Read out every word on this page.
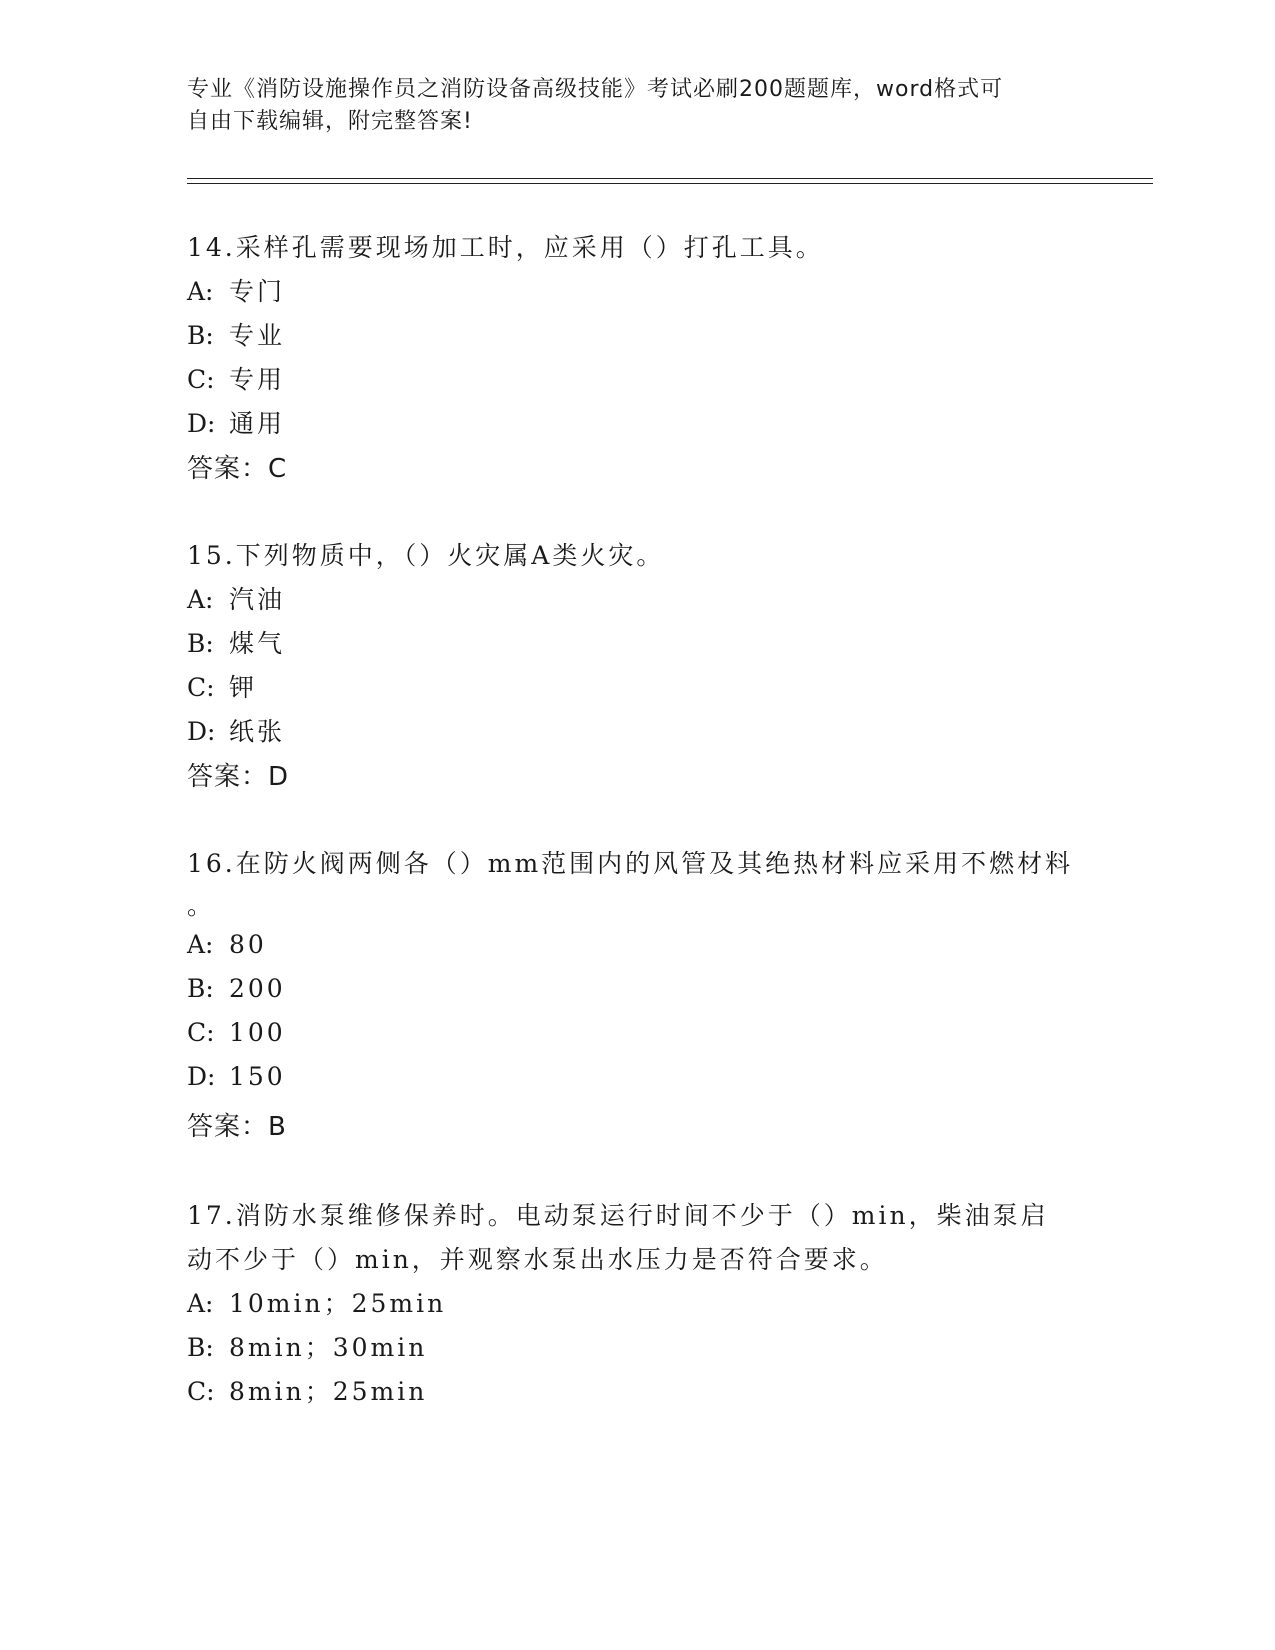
专业《消防设施操作员之消防设备高级技能》考试必刷200题题库，word格式可
自由下载编辑，附完整答案!
14.采样孔需要现场加工时，应采用（）打孔工具。
A: 专门
B: 专业
C: 专用
D: 通用
答案：C
15.下列物质中，（）火灾属A类火灾。
A: 汽油
B: 煤气
C: 钾
D: 纸张
答案：D
16.在防火阀两侧各（）mm范围内的风管及其绝热材料应采用不燃材料
。
A: 80
B: 200
C: 100
D: 150
答案：B
17.消防水泵维修保养时。电动泵运行时间不少于（）min，柴油泵启
动不少于（）min，并观察水泵出水压力是否符合要求。
A: 10min；25min
B: 8min；30min
C: 8min；25min
